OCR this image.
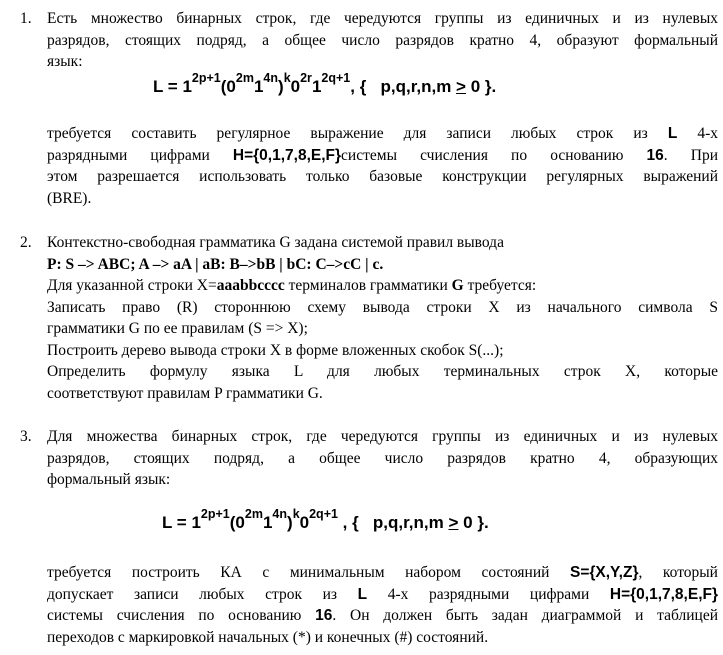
1. Есть множество бинарных строк, где чередуются группы из единичных и из нулевых
разрядов, стоящих подряд, а общее число разрядов кратно 4, образуют формальный
язык:
$L = 1^{2p+1}(0^{2m}1^{4n})^k0^{2r}1^{2q+1}$, {   p,q,r,n,m > 0 }.
требуется составить регулярное выражение для записи любых строк из L 4-х
разрядными цифрами H={0,1,7,8,E,F}системы счисления по основанию 16. При
этом разрешается использовать только базовые конструкции регулярных выражений
(BRE).
2. Контекстно-свободная грамматика G задана системой правил вывода
P: S –> ABC; A –> aA | aB: B–>bB | bC: C–>cC | c.
Для указанной строки X=aaabbcccc терминалов грамматики G требуется:
Записать право (R) стороннюю схему вывода строки X из начального символа S
грамматики G по ее правилам (S => X);
Построить дерево вывода строки X в форме вложенных скобок S(...);
Определить формулу языка L для любых терминальных строк X, которые
соответствуют правилам P грамматики G.
3. Для множества бинарных строк, где чередуются группы из единичных и из нулевых
разрядов, стоящих подряд, а общее число разрядов кратно 4, образующих
формальный язык:
$L = 1^{2p+1}(0^{2m}1^{4n})^k0^{2q+1}$ , {   p,q,r,n,m > 0 }.
требуется построить КА с минимальным набором состояний S={X,Y,Z}, который
допускает записи любых строк из L 4-х разрядными цифрами H={0,1,7,8,E,F}
системы счисления по основанию 16. Он должен быть задан диаграммой и таблицей
переходов с маркировкой начальных (*) и конечных (#) состояний.
